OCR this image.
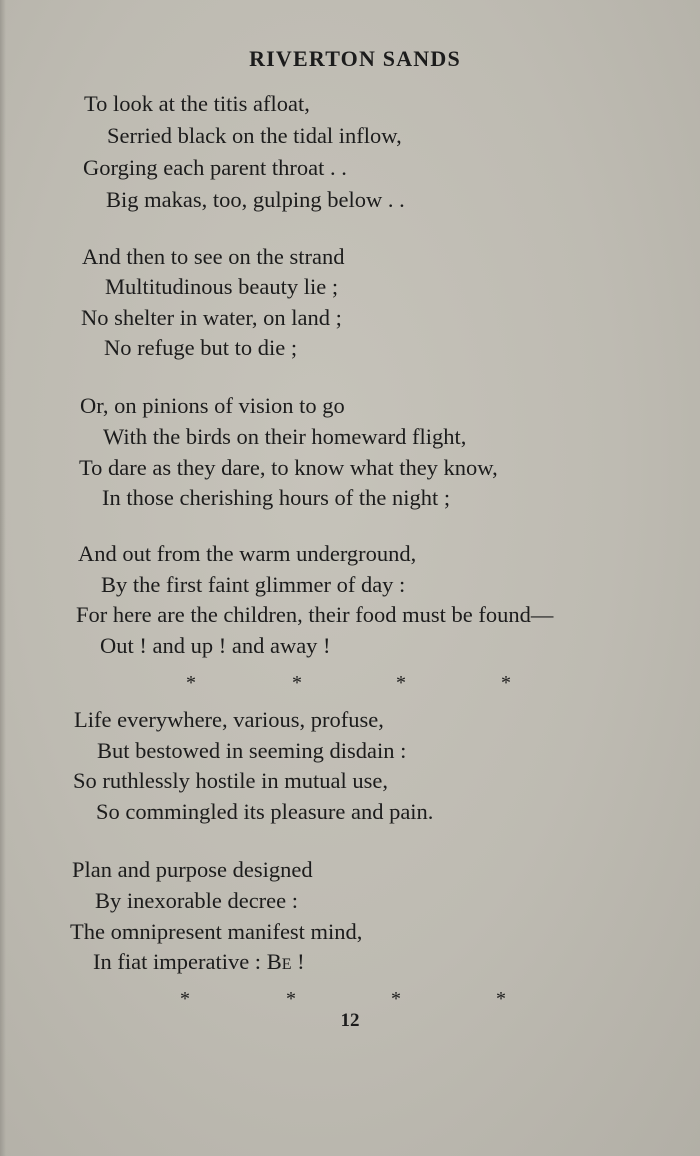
RIVERTON SANDS
To look at the titis afloat,
Serried black on the tidal inflow,
Gorging each parent throat . .
Big makas, too, gulping below . .
And then to see on the strand
Multitudinous beauty lie ;
No shelter in water, on land ;
No refuge but to die ;
Or, on pinions of vision to go
With the birds on their homeward flight,
To dare as they dare, to know what they know,
In those cherishing hours of the night ;
And out from the warm underground,
By the first faint glimmer of day :
For here are the children, their food must be found—
Out ! and up ! and away !
*	*	*	*
Life everywhere, various, profuse,
But bestowed in seeming disdain :
So ruthlessly hostile in mutual use,
So commingled its pleasure and pain.
Plan and purpose designed
By inexorable decree :
The omnipresent manifest mind,
In fiat imperative : Be !
*	*	*	*
12
